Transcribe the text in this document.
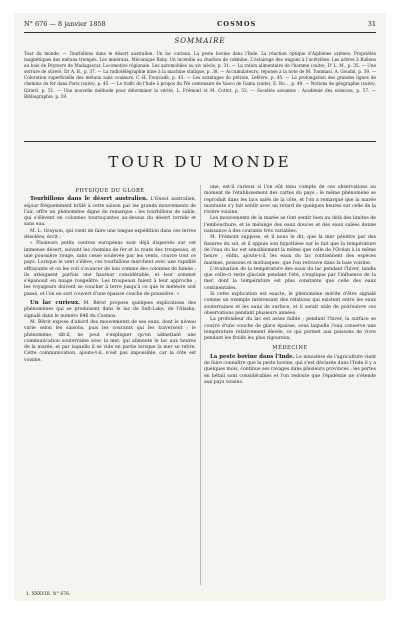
N° 676 — 8 janvier 1858	COSMOS	31
SOMMAIRE

Tour du monde. — Tourbillons dans le désert australien. Un lac curieux. La peste bovine dans l'Inde. La réaction optique d'Aiphénes uréines. Propriétés magnétiques des métaux trempés. Les minéraux. Mécanique Baby. Un incendie au charbon de cokmine. L'éclairage des wagons à l'acétylène. Les arbres à Ballons au bois de Peyrecrs de Madagascar. Locomotive régionale. Les automobiles au xiv siècle, p. 31. — La ration alimentaire de l'homme (suite), D' L. M., p. 35. — Une serrure de sûreté, Dr A. B., p. 37. — La radiotélégraphie mise à la machine statique, p. 38. — Accumulateurs, réponse à la note de M. Tommasi, A. Goudal, p. 39. — Coloration superficielle des métaux sans couleurs, C.-H. Fourcadé, p. 43. — Les avantages du pétrole, Lefèvre, p. 45. — La prolongation des grandes lignes de chemins de fer dans Paris (suite), p. 45. — Le trafic de l'Inde à propos du IVe centenaire de Vasco de Gama (suite), E. Bo..., p. 49. — Notions de géographie (suite), Girard, p. 51. — Une nouvelle méthode pour déterminer la vérité, L. Frémont et M. Cottet, p. 53. — Sociétés savantes : Académie des sciences, p. 57. — Bibliographie, p. 59.

TOUR DU MONDE
PHYSIQUE DU GLOBE

Tourbillons dans le désert australien. L'Ouest australien, séjour fréquemment brûlé à cette saison par les grands mouvements de l'air, offre un phénomène digne de remarque : les tourbillons de sable, qui s'élèvent en colonnes tournoyantes au-dessus du désert torride et sans eau.

M. L. Grayson, qui vient de faire une longue expédition dans ces terres désolées, écrit :

« Plusieurs petits centres européens sont déjà dispersés sur cet immense désert, suivant les chemins de fer et la route des troupeaux, et une poussière rouge, sans cesse soulevée par les vents, couvre tout ce pays. Lorsque le vent s'élève, ces tourbillons marchent avec une rapidité effrayante et on les voit s'avancer de loin comme des colonnes de fumée ; ils atteignent parfois une hauteur considérable, et leur sommet s'épanouit en nuage rougeâtre. Les troupeaux fuient à leur approche ; les voyageurs doivent se coucher à terre jusqu'à ce que le météore soit passé, et l'on en sort couvert d'une épaisse couche de poussière. »

Un lac curieux. M. Bérot propose quelques explications des phénomènes qui se produisent dans le lac de Salt-Lake, de l'Alaska, signalé dans le numéro 646 du Cosmos.

M. Bérot expose d'abord des mouvements de ses eaux, dont le niveau varie selon les saisons, puis les courants qui les traversent ; le phénomène, dit-il, ne peut s'expliquer qu'en admettant une communication souterraine avec la mer, qui alimente le lac aux heures de la marée, et par laquelle il se vide en partie lorsque la mer se retire. Cette communication, ajoute-t-il, n'est pas impossible, car la côte est voisine.

une, est-il curieux si l'on eût tenu compte de ces observations au moment de l'établissement des cartes du pays ; le même phénomène se reproduit dans les lacs salés de la côte, et l'on a remarqué que la marée montante s'y fait sentir avec un retard de quelques heures sur celle de la rivière voisine.

Les mouvements de la marée se font sentir bien au delà des limites de l'embouchure, et le mélange des eaux douces et des eaux salées donne naissance à des courants très variables.

M. Frémont suppose, et il nous le dit, que la mer pénètre par des fissures du sol, et il appuie son hypothèse sur le fait que la température de l'eau du lac est sensiblement la même que celle de l'Océan à la même heure ; enfin, ajoute-t-il, les eaux du lac contiennent des espèces marines, poissons et mollusques, que l'on retrouve dans la baie voisine.

L'évaluation de la température des eaux du lac pendant l'hiver, tandis que celle-ci reste glaciale pendant l'été, s'explique par l'influence de la mer, dont la température est plus constante que celle des eaux continentales.

Si cette explication est exacte, le phénomène mérite d'être signalé comme un exemple intéressant des relations qui existent entre les eaux souterraines et les eaux de surface, et il serait utile de poursuivre ces observations pendant plusieurs années.

La profondeur du lac est assez faible ; pendant l'hiver, la surface se couvre d'une couche de glace épaisse, sous laquelle l'eau conserve une température relativement élevée, ce qui permet aux poissons de vivre pendant les froids les plus rigoureux.

MÉDECINE

La peste bovine dans l'Inde. Le ministère de l'agriculture vient de faire connaître que la peste bovine, qui s'est déclarée dans l'Inde il y a quelques mois, continue ses ravages dans plusieurs provinces ; les pertes en bétail sont considérables et l'on redoute que l'épidémie ne s'étende aux pays voisins.

1. XXXVIII. N° 676.
